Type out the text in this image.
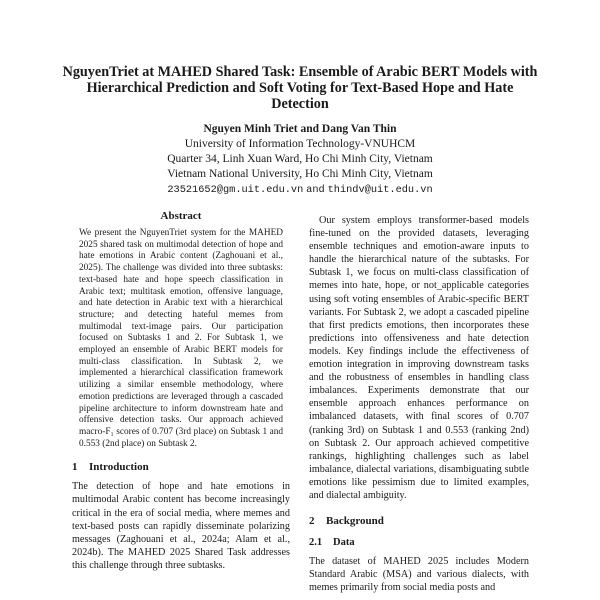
NguyenTriet at MAHED Shared Task: Ensemble of Arabic BERT Models with Hierarchical Prediction and Soft Voting for Text-Based Hope and Hate Detection
Nguyen Minh Triet and Dang Van Thin
University of Information Technology-VNUHCM
Quarter 34, Linh Xuan Ward, Ho Chi Minh City, Vietnam
Vietnam National University, Ho Chi Minh City, Vietnam
23521652@gm.uit.edu.vn and thindv@uit.edu.vn
Abstract

We present the NguyenTriet system for the MAHED 2025 shared task on multimodal detection of hope and hate emotions in Arabic content (Zaghouani et al., 2025). The challenge was divided into three subtasks: text-based hate and hope speech classification in Arabic text; multitask emotion, offensive language, and hate detection in Arabic text with a hierarchical structure; and detecting hateful memes from multimodal text-image pairs. Our participation focused on Subtasks 1 and 2. For Subtask 1, we employed an ensemble of Arabic BERT models for multi-class classification. In Subtask 2, we implemented a hierarchical classification framework utilizing a similar ensemble methodology, where emotion predictions are leveraged through a cascaded pipeline architecture to inform downstream hate and offensive detection tasks. Our approach achieved macro-F₁ scores of 0.707 (3rd place) on Subtask 1 and 0.553 (2nd place) on Subtask 2.

1 Introduction

The detection of hope and hate emotions in multimodal Arabic content has become increasingly critical in the era of social media, where memes and text-based posts can rapidly disseminate polarizing messages (Zaghouani et al., 2024a; Alam et al., 2024b). The MAHED 2025 Shared Task addresses this challenge through three subtasks.

Our system employs transformer-based models fine-tuned on the provided datasets, leveraging ensemble techniques and emotion-aware inputs to handle the hierarchical nature of the subtasks. For Subtask 1, we focus on multi-class classification of memes into hate, hope, or not_applicable categories using soft voting ensembles of Arabic-specific BERT variants. For Subtask 2, we adopt a cascaded pipeline that first predicts emotions, then incorporates these predictions into offensiveness and hate detection models. Key findings include the effectiveness of emotion integration in improving downstream tasks and the robustness of ensembles in handling class imbalances. Experiments demonstrate that our ensemble approach enhances performance on imbalanced datasets, with final scores of 0.707 (ranking 3rd) on Subtask 1 and 0.553 (ranking 2nd) on Subtask 2. Our approach achieved competitive rankings, highlighting challenges such as label imbalance, dialectal variations, disambiguating subtle emotions like pessimism due to limited examples, and dialectal ambiguity.

2 Background
2.1 Data

The dataset of MAHED 2025 includes Modern Standard Arabic (MSA) and various dialects, with memes primarily from social media posts and
